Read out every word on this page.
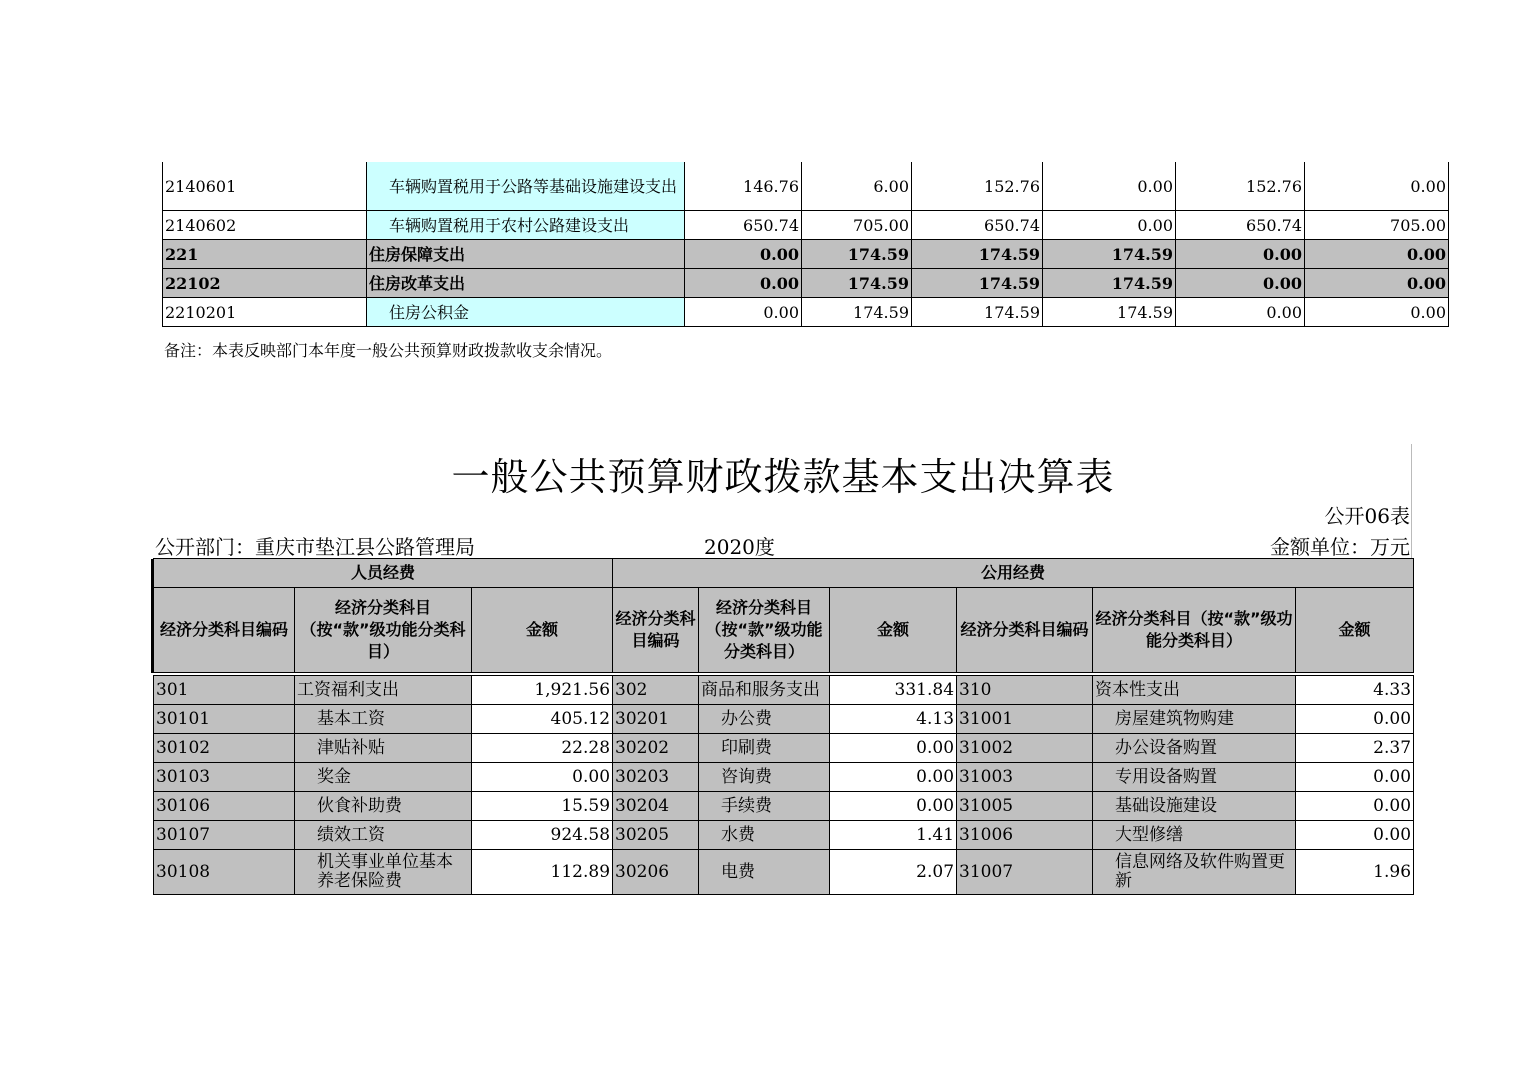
2140601	车辆购置税用于公路等基础设施建设支出	146.76	6.00	152.76	0.00	152.76	0.00
2140602	车辆购置税用于农村公路建设支出	650.74	705.00	650.74	0.00	650.74	705.00
221	住房保障支出	0.00	174.59	174.59	174.59	0.00	0.00
22102	住房改革支出	0.00	174.59	174.59	174.59	0.00	0.00
2210201	住房公积金	0.00	174.59	174.59	174.59	0.00	0.00
备注：本表反映部门本年度一般公共预算财政拨款收支余情况。
一般公共预算财政拨款基本支出决算表
公开06表
公开部门：重庆市垫江县公路管理局	2020度	金额单位：万元
人员经费			公用经费					
经济分类科目编码	经济分类科目（按“款”级功能分类科目）	金额	经济分类科目编码	经济分类科目（按“款”级功能分类科目）	金额	经济分类科目编码	经济分类科目（按“款”级功能分类科目）	金额

301	工资福利支出	1,921.56	302	商品和服务支出	331.84	310	资本性支出	4.33
30101	基本工资	405.12	30201	办公费	4.13	31001	房屋建筑物购建	0.00
30102	津贴补贴	22.28	30202	印刷费	0.00	31002	办公设备购置	2.37
30103	奖金	0.00	30203	咨询费	0.00	31003	专用设备购置	0.00
30106	伙食补助费	15.59	30204	手续费	0.00	31005	基础设施建设	0.00
30107	绩效工资	924.58	30205	水费	1.41	31006	大型修缮	0.00
30108	机关事业单位基本养老保险费	112.89	30206	电费	2.07	31007	信息网络及软件购置更新	1.96
